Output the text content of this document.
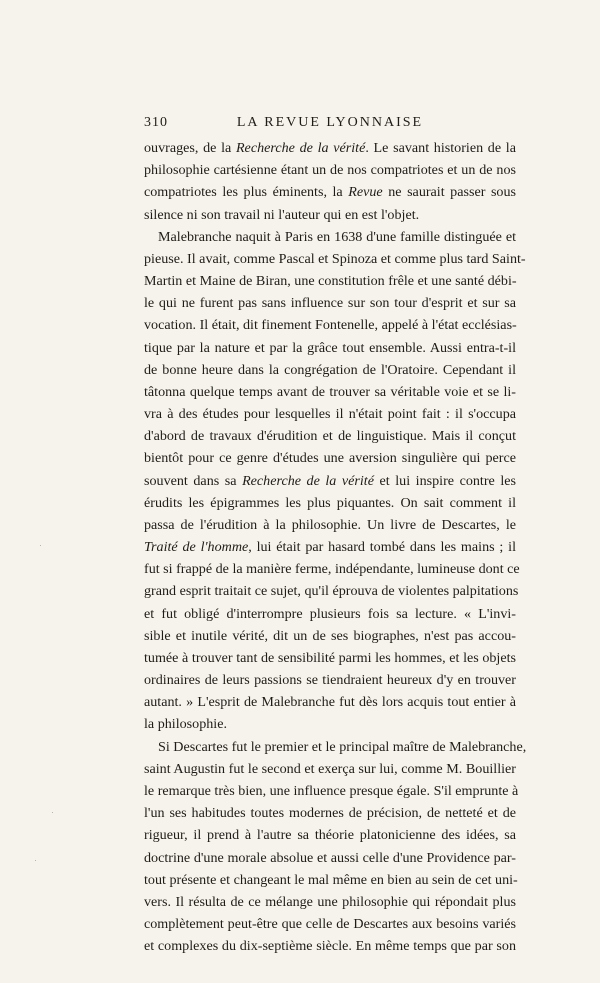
310	LA REVUE LYONNAISE
ouvrages, de la Recherche de la vérité. Le savant historien de la
philosophie cartésienne étant un de nos compatriotes et un de nos
compatriotes les plus éminents, la Revue ne saurait passer sous
silence ni son travail ni l'auteur qui en est l'objet.
Malebranche naquit à Paris en 1638 d'une famille distinguée et
pieuse. Il avait, comme Pascal et Spinoza et comme plus tard Saint-
Martin et Maine de Biran, une constitution frêle et une santé débi-
le qui ne furent pas sans influence sur son tour d'esprit et sur sa
vocation. Il était, dit finement Fontenelle, appelé à l'état ecclésias-
tique par la nature et par la grâce tout ensemble. Aussi entra-t-il
de bonne heure dans la congrégation de l'Oratoire. Cependant il
tâtonna quelque temps avant de trouver sa véritable voie et se li-
vra à des études pour lesquelles il n'était point fait : il s'occupa
d'abord de travaux d'érudition et de linguistique. Mais il conçut
bientôt pour ce genre d'études une aversion singulière qui perce
souvent dans sa Recherche de la vérité et lui inspire contre les
érudits les épigrammes les plus piquantes. On sait comment il
passa de l'érudition à la philosophie. Un livre de Descartes, le
Traité de l'homme, lui était par hasard tombé dans les mains ; il
fut si frappé de la manière ferme, indépendante, lumineuse dont ce
grand esprit traitait ce sujet, qu'il éprouva de violentes palpitations
et fut obligé d'interrompre plusieurs fois sa lecture. « L'invi-
sible et inutile vérité, dit un de ses biographes, n'est pas accou-
tumée à trouver tant de sensibilité parmi les hommes, et les objets
ordinaires de leurs passions se tiendraient heureux d'y en trouver
autant. » L'esprit de Malebranche fut dès lors acquis tout entier à
la philosophie.
Si Descartes fut le premier et le principal maître de Malebranche,
saint Augustin fut le second et exerça sur lui, comme M. Bouillier
le remarque très bien, une influence presque égale. S'il emprunte à
l'un ses habitudes toutes modernes de précision, de netteté et de
rigueur, il prend à l'autre sa théorie platonicienne des idées, sa
doctrine d'une morale absolue et aussi celle d'une Providence par-
tout présente et changeant le mal même en bien au sein de cet uni-
vers. Il résulta de ce mélange une philosophie qui répondait plus
complètement peut-être que celle de Descartes aux besoins variés
et complexes du dix-septième siècle. En même temps que par son
